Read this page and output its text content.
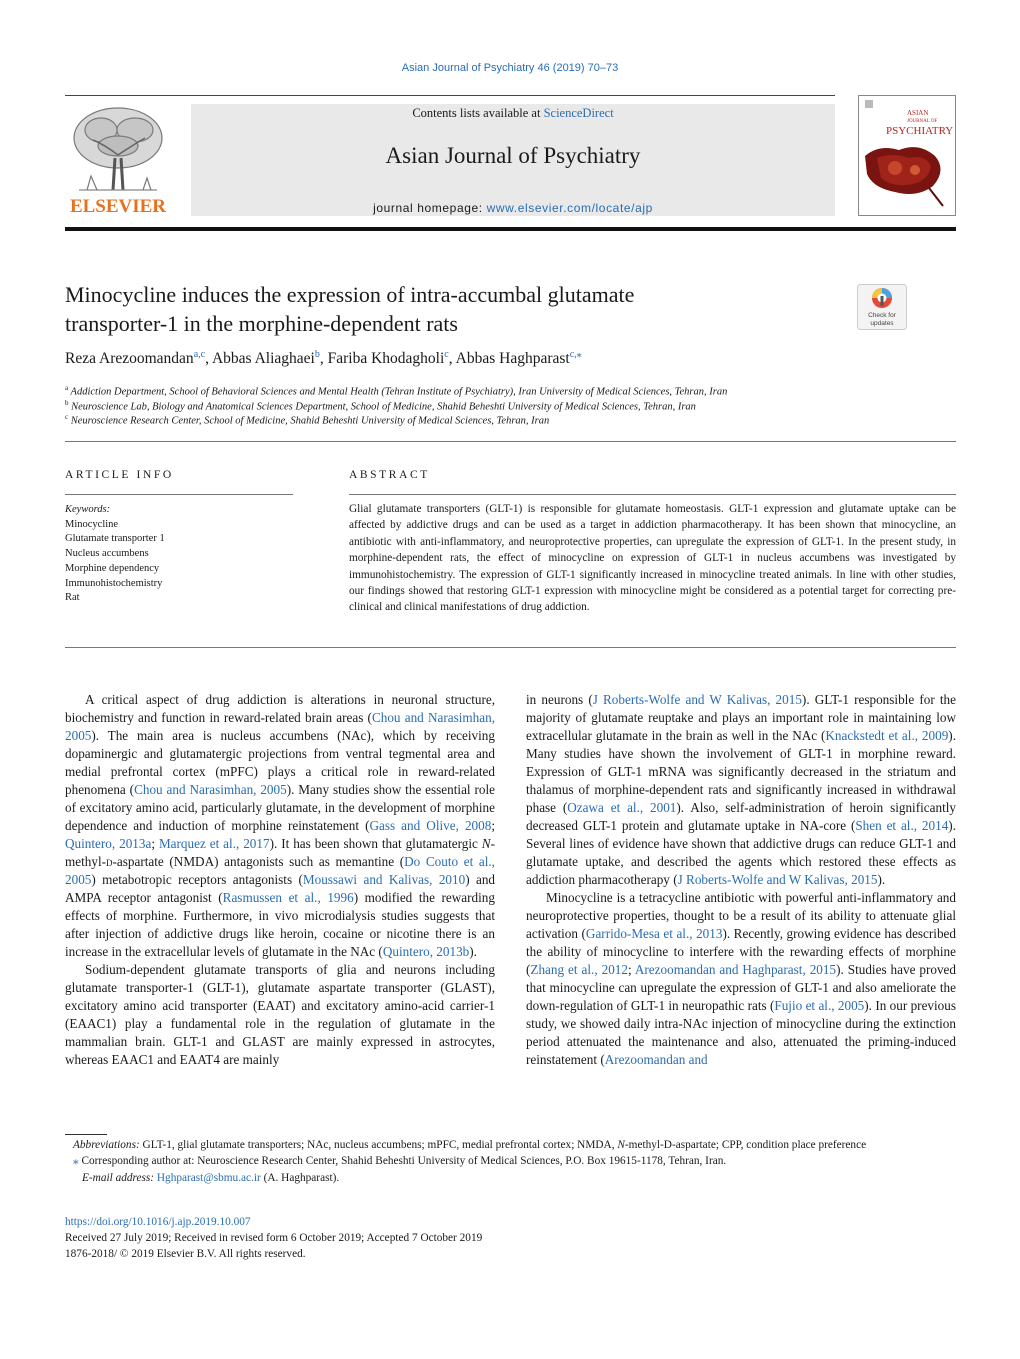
Asian Journal of Psychiatry 46 (2019) 70–73
ELSEVIER
Contents lists available at ScienceDirect
Asian Journal of Psychiatry
journal homepage: www.elsevier.com/locate/ajp
ASIAN
JOURNAL OF
PSYCHIATRY
Minocycline induces the expression of intra-accumbal glutamate
transporter-1 in the morphine-dependent rats	Check for
updates
Reza Arezoomandan$^{a,c}$, Abbas Aliaghaei$^b$, Fariba Khodagholi$^c$, Abbas Haghparast$^{c,⁎}$
$^a$ Addiction Department, School of Behavioral Sciences and Mental Health (Tehran Institute of Psychiatry), Iran University of Medical Sciences, Tehran, Iran
$^b$ Neuroscience Lab, Biology and Anatomical Sciences Department, School of Medicine, Shahid Beheshti University of Medical Sciences, Tehran, Iran
$^c$ Neuroscience Research Center, School of Medicine, Shahid Beheshti University of Medical Sciences, Tehran, Iran
ARTICLE INFO	ABSTRACT
Keywords:
Minocycline
Glutamate transporter 1
Nucleus accumbens
Morphine dependency
Immunohistochemistry
Rat
Glial glutamate transporters (GLT-1) is responsible for glutamate homeostasis. GLT-1 expression and glutamate uptake can be affected by addictive drugs and can be used as a target in addiction pharmacotherapy. It has been shown that minocycline, an antibiotic with anti-inflammatory, and neuroprotective properties, can upregulate the expression of GLT-1. In the present study, in morphine-dependent rats, the effect of minocycline on expression of GLT-1 in nucleus accumbens was investigated by immunohistochemistry. The expression of GLT-1 significantly increased in minocycline treated animals. In line with other studies, our findings showed that restoring GLT-1 expression with minocycline might be considered as a potential target for correcting pre-clinical and clinical manifestations of drug addiction.

A critical aspect of drug addiction is alterations in neuronal structure, biochemistry and function in reward-related brain areas (Chou and Narasimhan, 2005). The main area is nucleus accumbens (NAc), which by receiving dopaminergic and glutamatergic projections from ventral tegmental area and medial prefrontal cortex (mPFC) plays a critical role in reward-related phenomena (Chou and Narasimhan, 2005). Many studies show the essential role of excitatory amino acid, particularly glutamate, in the development of morphine dependence and induction of morphine reinstatement (Gass and Olive, 2008; Quintero, 2013a; Marquez et al., 2017). It has been shown that glutamatergic N-methyl-d-aspartate (NMDA) antagonists such as memantine (Do Couto et al., 2005) metabotropic receptors antagonists (Moussawi and Kalivas, 2010) and AMPA receptor antagonist (Rasmussen et al., 1996) modified the rewarding effects of morphine. Furthermore, in vivo microdialysis studies suggests that after injection of addictive drugs like heroin, cocaine or nicotine there is an increase in the extracellular levels of glutamate in the NAc (Quintero, 2013b).

Sodium-dependent glutamate transports of glia and neurons including glutamate transporter-1 (GLT-1), glutamate aspartate transporter (GLAST), excitatory amino acid transporter (EAAT) and excitatory amino-acid carrier-1 (EAAC1) play a fundamental role in the regulation of glutamate in the mammalian brain. GLT-1 and GLAST are mainly expressed in astrocytes, whereas EAAC1 and EAAT4 are mainly

in neurons (J Roberts-Wolfe and W Kalivas, 2015). GLT-1 responsible for the majority of glutamate reuptake and plays an important role in maintaining low extracellular glutamate in the brain as well in the NAc (Knackstedt et al., 2009). Many studies have shown the involvement of GLT-1 in morphine reward. Expression of GLT-1 mRNA was significantly decreased in the striatum and thalamus of morphine-dependent rats and significantly increased in withdrawal phase (Ozawa et al., 2001). Also, self-administration of heroin significantly decreased GLT-1 protein and glutamate uptake in NA-core (Shen et al., 2014). Several lines of evidence have shown that addictive drugs can reduce GLT-1 and glutamate uptake, and described the agents which restored these effects as addiction pharmacotherapy (J Roberts-Wolfe and W Kalivas, 2015).

Minocycline is a tetracycline antibiotic with powerful anti-inflammatory and neuroprotective properties, thought to be a result of its ability to attenuate glial activation (Garrido-Mesa et al., 2013). Recently, growing evidence has described the ability of minocycline to interfere with the rewarding effects of morphine (Zhang et al., 2012; Arezoomandan and Haghparast, 2015). Studies have proved that minocycline can upregulate the expression of GLT-1 and also ameliorate the down-regulation of GLT-1 in neuropathic rats (Fujio et al., 2005). In our previous study, we showed daily intra-NAc injection of minocycline during the extinction period attenuated the maintenance and also, attenuated the priming-induced reinstatement (Arezoomandan and

Abbreviations: GLT-1, glial glutamate transporters; NAc, nucleus accumbens; mPFC, medial prefrontal cortex; NMDA, N-methyl-D-aspartate; CPP, condition place preference

⁎ Corresponding author at: Neuroscience Research Center, Shahid Beheshti University of Medical Sciences, P.O. Box 19615-1178, Tehran, Iran.

E-mail address: Hghparast@sbmu.ac.ir (A. Haghparast).

https://doi.org/10.1016/j.ajp.2019.10.007

Received 27 July 2019; Received in revised form 6 October 2019; Accepted 7 October 2019

1876-2018/ © 2019 Elsevier B.V. All rights reserved.
